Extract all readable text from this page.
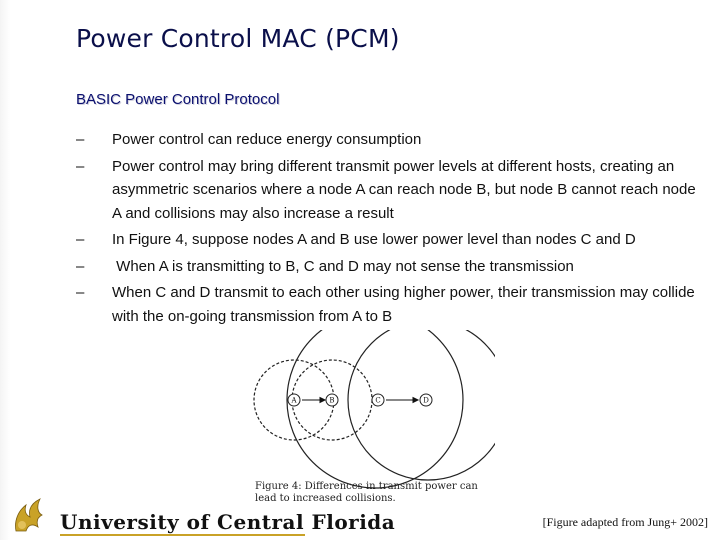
Power Control MAC (PCM)
BASIC Power Control Protocol
–	Power control can reduce energy consumption
–	Power control may bring different transmit power levels at different hosts, creating an asymmetric scenarios where a node A can reach node B, but node B cannot reach node A and collisions may also increase a result
–	In Figure 4, suppose nodes A and B use lower power level than nodes C and D
–	When A is transmitting to B, C and D may not sense the transmission
–	When C and D transmit to each other using higher power, their transmission may collide with the on-going transmission from A to B
A	B	C	D
Figure 4: Differences in transmit power can lead to increased collisions.
University of Central Florida	[Figure adapted from Jung+ 2002]
